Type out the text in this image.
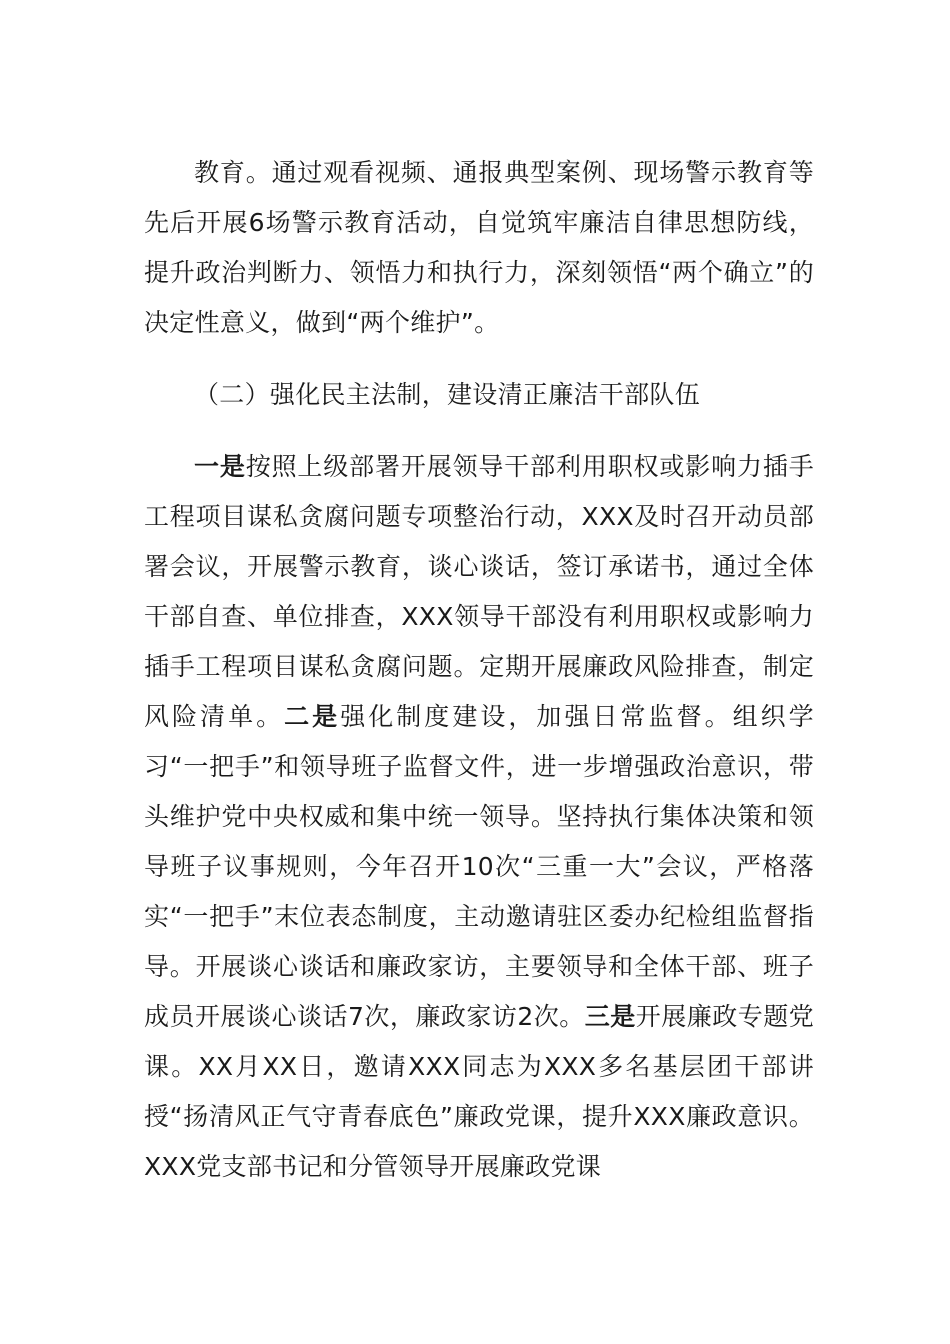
教育。通过观看视频、通报典型案例、现场警示教育等先后开展6场警示教育活动，自觉筑牢廉洁自律思想防线，提升政治判断力、领悟力和执行力，深刻领悟“两个确立”的决定性意义，做到“两个维护”。

（二）强化民主法制，建设清正廉洁干部队伍

一是按照上级部署开展领导干部利用职权或影响力插手工程项目谋私贪腐问题专项整治行动，XXX及时召开动员部署会议，开展警示教育，谈心谈话，签订承诺书，通过全体干部自查、单位排查，XXX领导干部没有利用职权或影响力插手工程项目谋私贪腐问题。定期开展廉政风险排查，制定风险清单。二是强化制度建设，加强日常监督。组织学习“一把手”和领导班子监督文件，进一步增强政治意识，带头维护党中央权威和集中统一领导。坚持执行集体决策和领导班子议事规则，今年召开10次“三重一大”会议，严格落实“一把手”末位表态制度，主动邀请驻区委办纪检组监督指导。开展谈心谈话和廉政家访，主要领导和全体干部、班子成员开展谈心谈话7次，廉政家访2次。三是开展廉政专题党课。XX月XX日，邀请XXX同志为XXX多名基层团干部讲授“扬清风正气守青春底色”廉政党课，提升XXX廉政意识。XXX党支部书记和分管领导开展廉政党课
